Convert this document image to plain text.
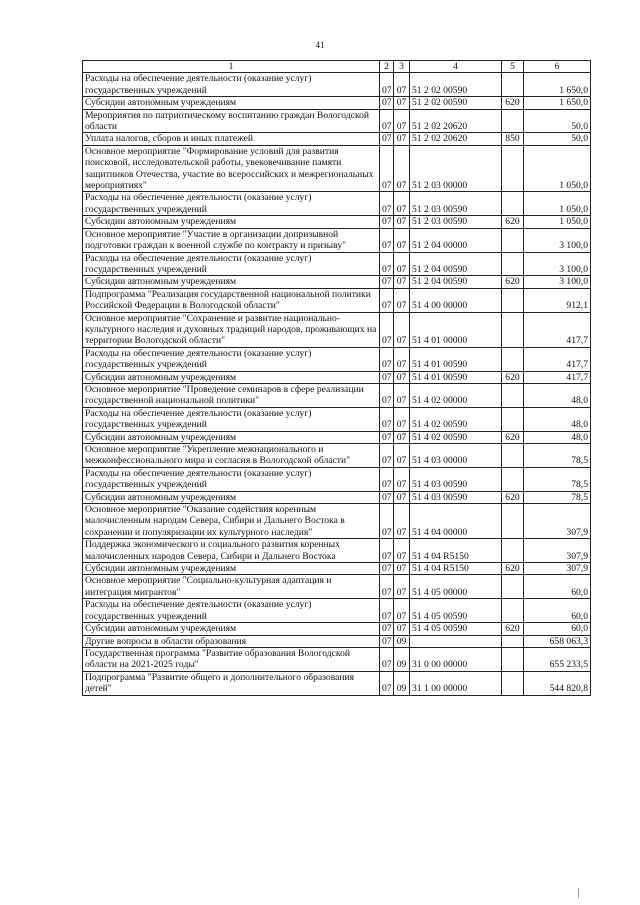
41
1	2	3	4	5	6
Расходы на обеспечение деятельности (оказание услуг) государственных учреждений	07	07	51 2 02 00590		1 650,0
Субсидии автономным учреждениям	07	07	51 2 02 00590	620	1 650,0
Мероприятия по патриотическому воспитанию граждан Вологодской области	07	07	51 2 02 20620		50,0
Уплата налогов, сборов и иных платежей	07	07	51 2 02 20620	850	50,0
Основное мероприятие "Формирование условий для развития поисковой, исследовательской работы, увековечивание памяти защитников Отечества, участие во всероссийских и межрегиональных мероприятиях"	07	07	51 2 03 00000		1 050,0
Расходы на обеспечение деятельности (оказание услуг) государственных учреждений	07	07	51 2 03 00590		1 050,0
Субсидии автономным учреждениям	07	07	51 2 03 00590	620	1 050,0
Основное мероприятие "Участие в организации допризывной подготовки граждан к военной службе по контракту и призыву"	07	07	51 2 04 00000		3 100,0
Расходы на обеспечение деятельности (оказание услуг) государственных учреждений	07	07	51 2 04 00590		3 100,0
Субсидии автономным учреждениям	07	07	51 2 04 00590	620	3 100,0
Подпрограмма "Реализация государственной национальной политики Российской Федерации в Вологодской области"	07	07	51 4 00 00000		912,1
Основное мероприятие "Сохранение и развитие национально-культурного наследия и духовных традиций народов, проживающих на территории Вологодской области"	07	07	51 4 01 00000		417,7
Расходы на обеспечение деятельности (оказание услуг) государственных учреждений	07	07	51 4 01 00590		417,7
Субсидии автономным учреждениям	07	07	51 4 01 00590	620	417,7
Основное мероприятие "Проведение семинаров в сфере реализации государственной национальной политики"	07	07	51 4 02 00000		48,0
Расходы на обеспечение деятельности (оказание услуг) государственных учреждений	07	07	51 4 02 00590		48,0
Субсидии автономным учреждениям	07	07	51 4 02 00590	620	48,0
Основное мероприятие "Укрепление межнационального и межконфессионального мира и согласия в Вологодской области"	07	07	51 4 03 00000		78,5
Расходы на обеспечение деятельности (оказание услуг) государственных учреждений	07	07	51 4 03 00590		78,5
Субсидии автономным учреждениям	07	07	51 4 03 00590	620	78,5
Основное мероприятие "Оказание содействия коренным малочисленным народам Севера, Сибири и Дальнего Востока в сохранении и популяризации их культурного наследия"	07	07	51 4 04 00000		307,9
Поддержка экономического и социального развития коренных малочисленных народов Севера, Сибири и Дальнего Востока	07	07	51 4 04 R5150		307,9
Субсидии автономным учреждениям	07	07	51 4 04 R5150	620	307,9
Основное мероприятие "Социально-культурная адаптация и интеграция мигрантов"	07	07	51 4 05 00000		60,0
Расходы на обеспечение деятельности (оказание услуг) государственных учреждений	07	07	51 4 05 00590		60,0
Субсидии автономным учреждениям	07	07	51 4 05 00590	620	60,0
Другие вопросы в области образования	07	09			658 063,3
Государственная программа "Развитие образования Вологодской области на 2021-2025 годы"	07	09	31 0 00 00000		655 233,5
Подпрограмма "Развитие общего и дополнительного образования детей"	07	09	31 1 00 00000		544 820,8
